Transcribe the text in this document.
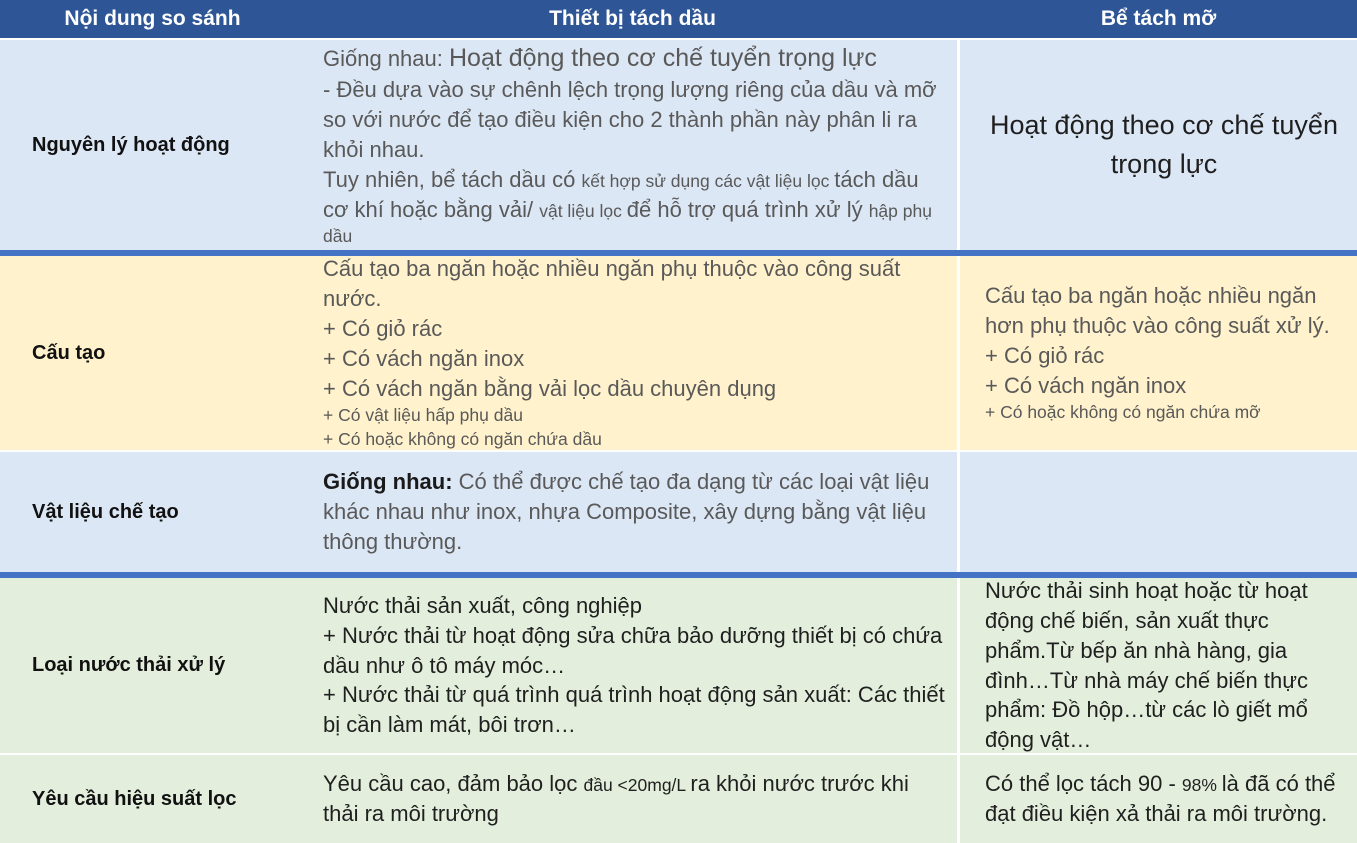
Nội dung so sánh	Thiết bị tách dầu	Bể tách mỡ
Nguyên lý hoạt động

Giống nhau: Hoạt động theo cơ chế tuyển trọng lực

- Đều dựa vào sự chênh lệch trọng lượng riêng của dầu và mỡ so với nước để tạo điều kiện cho 2 thành phần này phân li ra khỏi nhau.

Tuy nhiên, bể tách dầu có kết hợp sử dụng các vật liệu lọc tách dầu cơ khí hoặc bằng vải/ vật liệu lọc để hỗ trợ quá trình xử lý hập phụ dầu

Hoạt động theo cơ chế tuyển trọng lực

Cấu tạo

Cấu tạo ba ngăn hoặc nhiều ngăn phụ thuộc vào công suất nước.

+ Có giỏ rác

+ Có vách ngăn inox

+ Có vách ngăn bằng vải lọc dầu chuyên dụng

+ Có vật liệu hấp phụ dầu

+ Có hoặc không có ngăn chứa dầu

Cấu tạo ba ngăn hoặc nhiều ngăn hơn phụ thuộc vào công suất xử lý.

+ Có giỏ rác

+ Có vách ngăn inox

+ Có hoặc không có ngăn chứa mỡ

Vật liệu chế tạo

Giống nhau: Có thể được chế tạo đa dạng từ các loại vật liệu khác nhau như inox, nhựa Composite, xây dựng bằng vật liệu thông thường.

Loại nước thải xử lý

Nước thải sản xuất, công nghiệp

+ Nước thải từ hoạt động sửa chữa bảo dưỡng thiết bị có chứa dầu như ô tô máy móc…

+ Nước thải từ quá trình quá trình hoạt động sản xuất: Các thiết bị cần làm mát, bôi trơn…

Nước thải sinh hoạt hoặc từ hoạt động chế biến, sản xuất thực phẩm.Từ bếp ăn nhà hàng, gia đình…Từ nhà máy chế biến thực phẩm: Đồ hộp…từ các lò giết mổ động vật…

Yêu cầu hiệu suất lọc

Yêu cầu cao, đảm bảo lọc đầu <20mg/L ra khỏi nước trước khi thải ra môi trường

Có thể lọc tách 90 - 98% là đã có thể đạt điều kiện xả thải ra môi trường.
